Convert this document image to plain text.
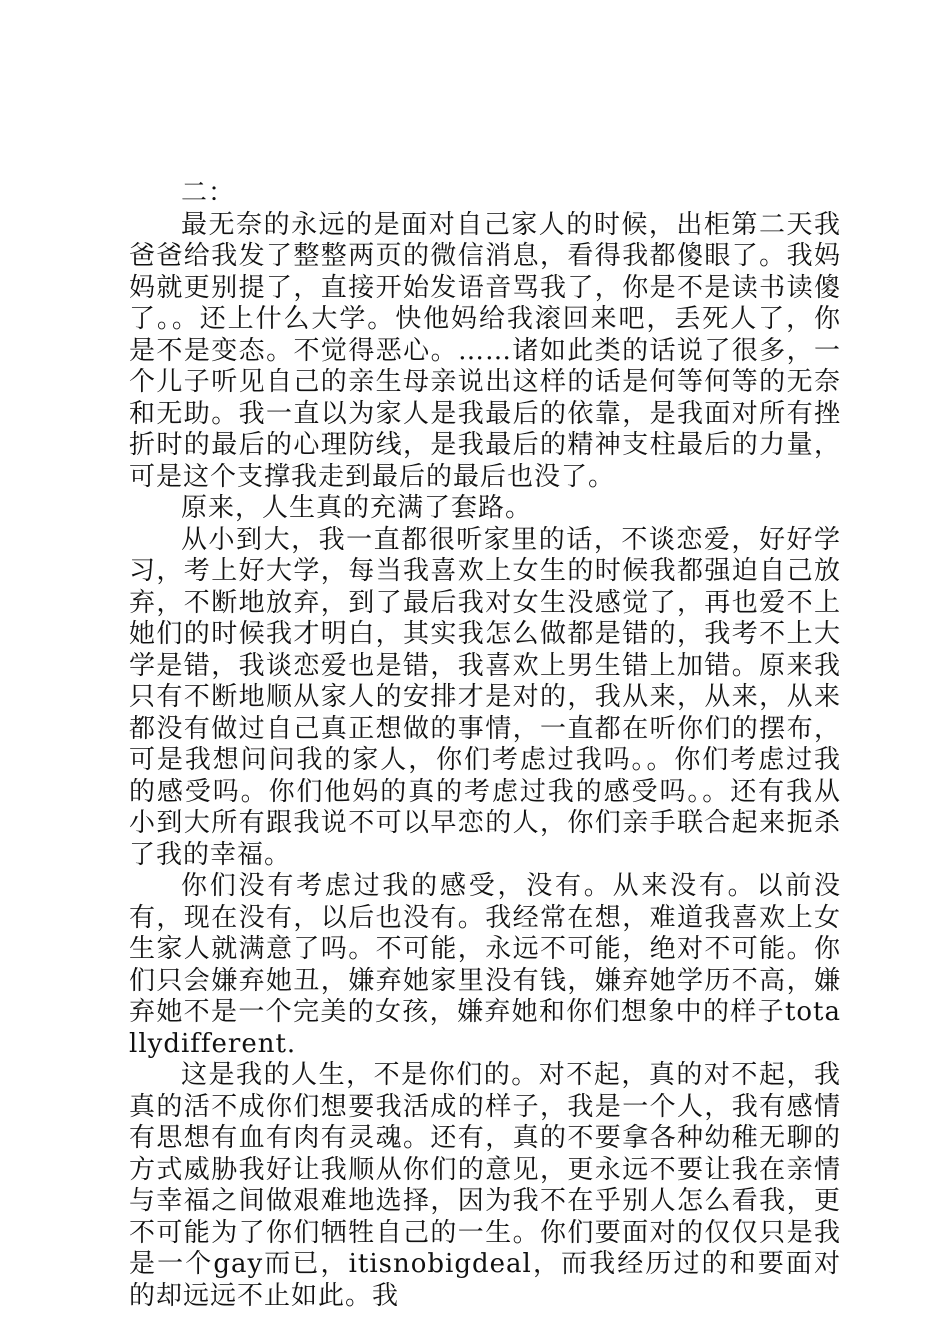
二：

最无奈的永远的是面对自己家人的时候，出柜第二天我爸爸给我发了整整两页的微信消息，看得我都傻眼了。我妈妈就更别提了，直接开始发语音骂我了，你是不是读书读傻了。。还上什么大学。快他妈给我滚回来吧，丢死人了，你是不是变态。不觉得恶心。……诸如此类的话说了很多，一个儿子听见自己的亲生母亲说出这样的话是何等何等的无奈和无助。我一直以为家人是我最后的依靠，是我面对所有挫折时的最后的心理防线，是我最后的精神支柱最后的力量，可是这个支撑我走到最后的最后也没了。

原来，人生真的充满了套路。

从小到大，我一直都很听家里的话，不谈恋爱，好好学习，考上好大学，每当我喜欢上女生的时候我都强迫自己放弃，不断地放弃，到了最后我对女生没感觉了，再也爱不上她们的时候我才明白，其实我怎么做都是错的，我考不上大学是错，我谈恋爱也是错，我喜欢上男生错上加错。原来我只有不断地顺从家人的安排才是对的，我从来，从来，从来都没有做过自己真正想做的事情，一直都在听你们的摆布，可是我想问问我的家人，你们考虑过我吗。。你们考虑过我的感受吗。你们他妈的真的考虑过我的感受吗。。还有我从小到大所有跟我说不可以早恋的人，你们亲手联合起来扼杀了我的幸福。

你们没有考虑过我的感受，没有。从来没有。以前没有，现在没有，以后也没有。我经常在想，难道我喜欢上女生家人就满意了吗。不可能，永远不可能，绝对不可能。你们只会嫌弃她丑，嫌弃她家里没有钱，嫌弃她学历不高，嫌弃她不是一个完美的女孩，嫌弃她和你们想象中的样子totallydifferent.

这是我的人生，不是你们的。对不起，真的对不起，我真的活不成你们想要我活成的样子，我是一个人，我有感情有思想有血有肉有灵魂。还有，真的不要拿各种幼稚无聊的方式威胁我好让我顺从你们的意见，更永远不要让我在亲情与幸福之间做艰难地选择，因为我不在乎别人怎么看我，更不可能为了你们牺牲自己的一生。你们要面对的仅仅只是我是一个gay而已，itisnobigdeal，而我经历过的和要面对的却远远不止如此。我
